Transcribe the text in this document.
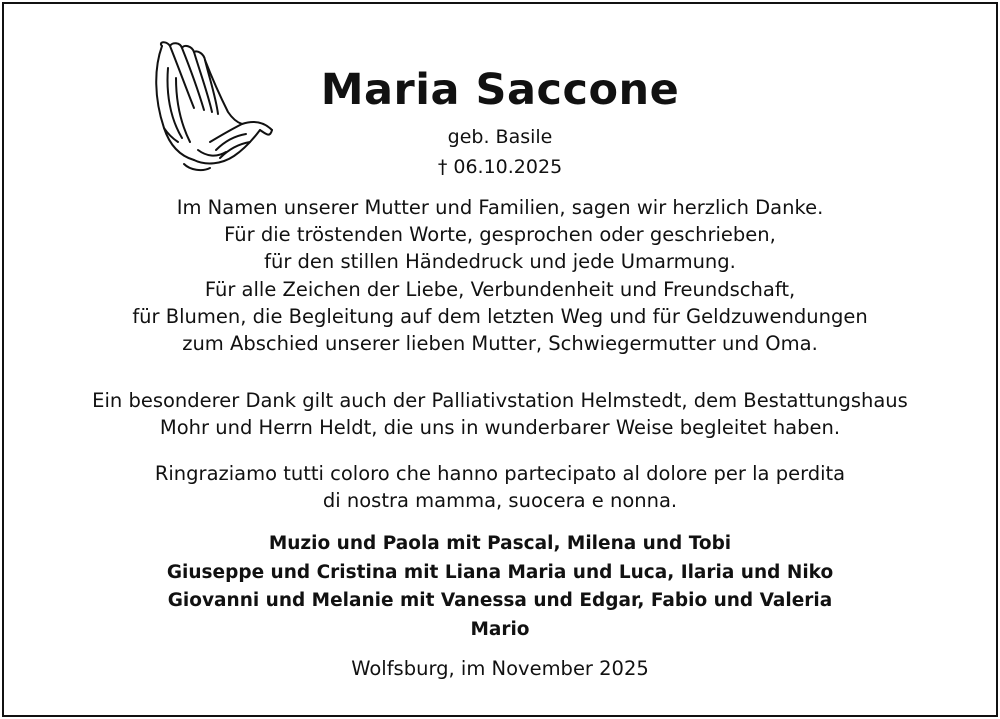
Maria Saccone
geb. Basile
† 06.10.2025
Im Namen unserer Mutter und Familien, sagen wir herzlich Danke.
Für die tröstenden Worte, gesprochen oder geschrieben,
für den stillen Händedruck und jede Umarmung.
Für alle Zeichen der Liebe, Verbundenheit und Freundschaft,
für Blumen, die Begleitung auf dem letzten Weg und für Geldzuwendungen
zum Abschied unserer lieben Mutter, Schwiegermutter und Oma.
Ein besonderer Dank gilt auch der Palliativstation Helmstedt, dem Bestattungshaus
Mohr und Herrn Heldt, die uns in wunderbarer Weise begleitet haben.
Ringraziamo tutti coloro che hanno partecipato al dolore per la perdita
di nostra mamma, suocera e nonna.
Muzio und Paola mit Pascal, Milena und Tobi
Giuseppe und Cristina mit Liana Maria und Luca, Ilaria und Niko
Giovanni und Melanie mit Vanessa und Edgar, Fabio und Valeria
Mario
Wolfsburg, im November 2025
